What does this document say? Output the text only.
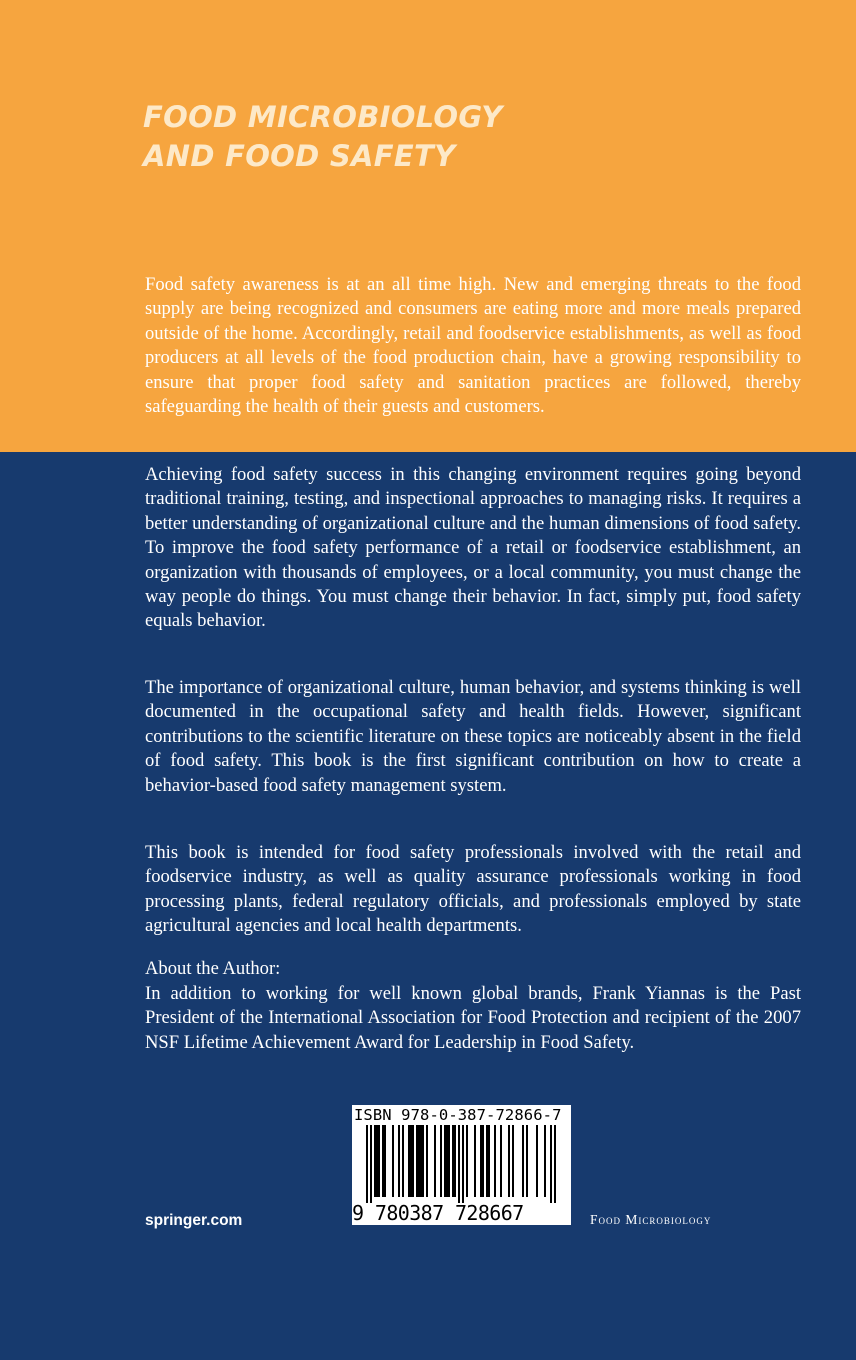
FOOD MICROBIOLOGY
AND FOOD SAFETY

Food safety awareness is at an all time high. New and emerging threats to the food supply are being recognized and consumers are eating more and more meals prepared outside of the home. Accordingly, retail and foodservice establishments, as well as food producers at all levels of the food production chain, have a growing responsibility to ensure that proper food safety and sanitation practices are followed, thereby safeguarding the health of their guests and customers.

Achieving food safety success in this changing environment requires going beyond traditional training, testing, and inspectional approaches to managing risks. It requires a better understanding of organizational culture and the human dimensions of food safety. To improve the food safety performance of a retail or foodservice establishment, an organization with thousands of employees, or a local community, you must change the way people do things. You must change their behavior. In fact, simply put, food safety equals behavior.

The importance of organizational culture, human behavior, and systems thinking is well documented in the occupational safety and health fields. However, significant contributions to the scientific literature on these topics are noticeably absent in the field of food safety. This book is the first significant contribution on how to create a behavior-based food safety management system.

This book is intended for food safety professionals involved with the retail and foodservice industry, as well as quality assurance professionals working in food processing plants, federal regulatory officials, and professionals employed by state agricultural agencies and local health departments.

About the Author:

In addition to working for well known global brands, Frank Yiannas is the Past President of the International Association for Food Protection and recipient of the 2007 NSF Lifetime Achievement Award for Leadership in Food Safety.

ISBN 978-0-387-72866-7
9 780387 728667
springer.com	Food Microbiology
